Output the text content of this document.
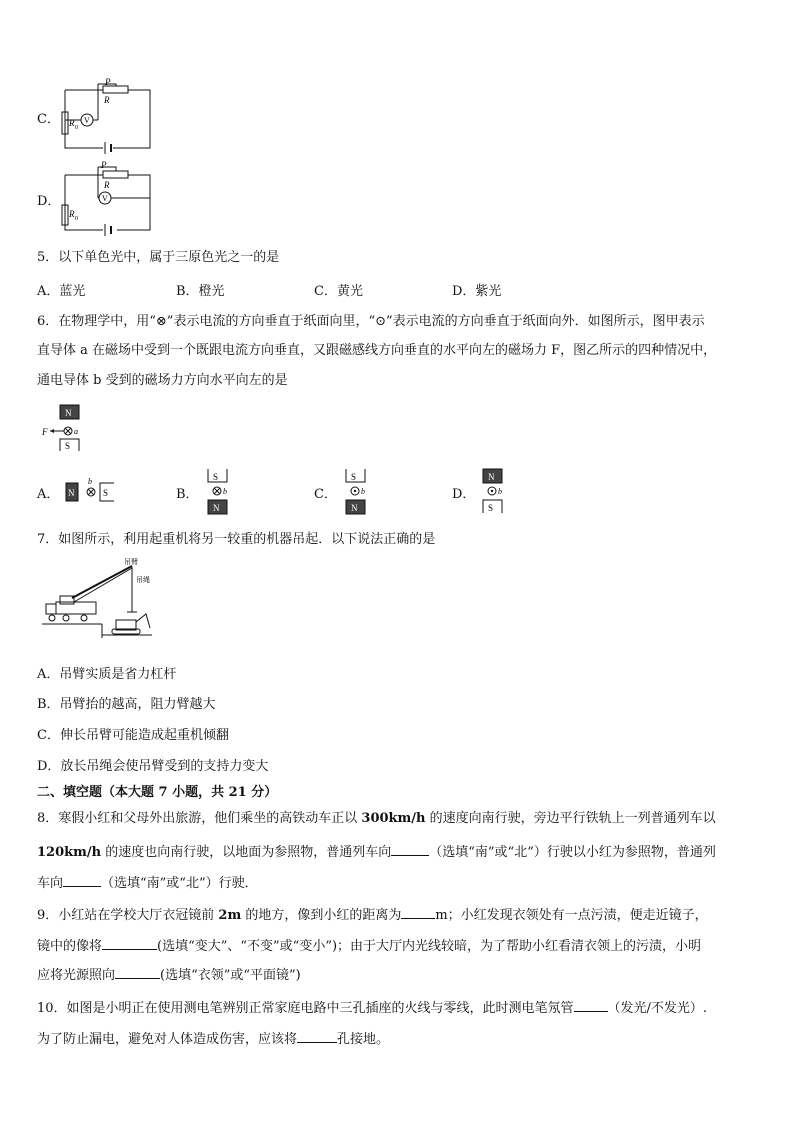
C．
P
R
R 0
V
D．
P
R
V
R 0
5．以下单色光中，属于三原色光之一的是
A．蓝光	B．橙光	C．黄光	D．紫光
6．在物理学中，用“⊗”表示电流的方向垂直于纸面向里，“⊙”表示电流的方向垂直于纸面向外．如图所示，图甲表示
直导体 a 在磁场中受到一个既跟电流方向垂直，又跟磁感线方向垂直的水平向左的磁场力 F，图乙所示的四种情况中，
通电导体 b 受到的磁场力方向水平向左的是
N
F	a
S
A． N
b
S	B．
S
b
N
C．
S
b
N
D．
N
b
S
7．如图所示，利用起重机将另一较重的机器吊起．以下说法正确的是
吊臂
吊绳
A．吊臂实质是省力杠杆
B．吊臂抬的越高，阻力臂越大
C．伸长吊臂可能造成起重机倾翻
D．放长吊绳会使吊臂受到的支持力变大
二、填空题（本大题 7 小题，共 21 分）
8．寒假小红和父母外出旅游，他们乘坐的高铁动车正以 300km/h 的速度向南行驶，旁边平行铁轨上一列普通列车以
120km/h 的速度也向南行驶，以地面为参照物，普通列车向	（选填“南”或“北”）行驶以小红为参照物，普通列
车向	（选填“南”或“北”）行驶．
9．小红站在学校大厅衣冠镜前 2m 的地方，像到小红的距离为	m；小红发现衣领处有一点污渍，便走近镜子，
镜中的像将	(选填“变大”、“不变”或“变小”)；由于大厅内光线较暗，为了帮助小红看清衣领上的污渍，小明
应将光源照向	(选填“衣领”或“平面镜”)
10．如图是小明正在使用测电笔辨别正常家庭电路中三孔插座的火线与零线，此时测电笔氖管	（发光/不发光）.
为了防止漏电，避免对人体造成伤害，应该将	孔接地。
